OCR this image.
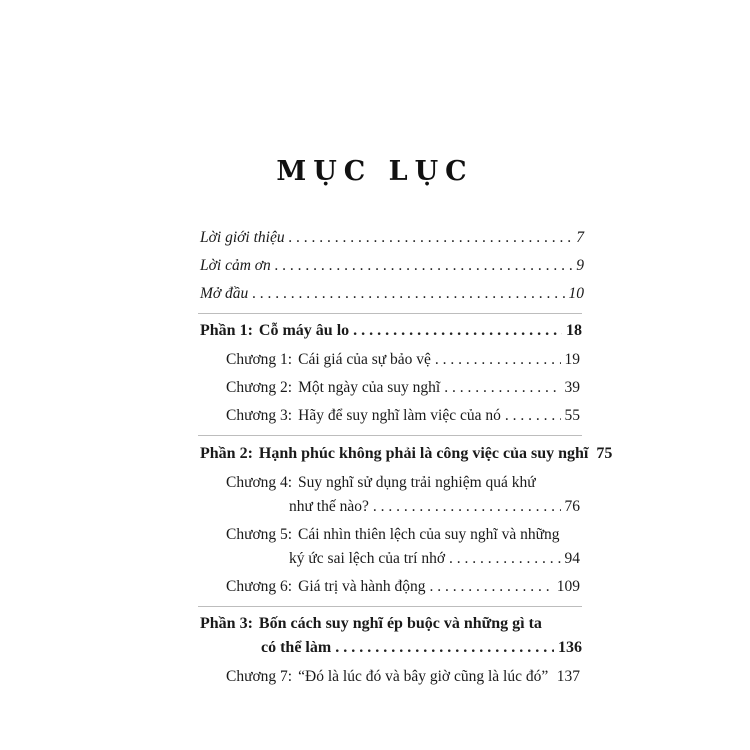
MỤC LỤC
Lời giới thiệu . . .	7
Lời cảm ơn . . .	9
Mở đầu . . .	10
Phần 1: Cỗ máy âu lo . . .	18
Chương 1: Cái giá của sự bảo vệ . . .	19
Chương 2: Một ngày của suy nghĩ . . .	39
Chương 3: Hãy để suy nghĩ làm việc của nó . . .	55
Phần 2: Hạnh phúc không phải là công việc của suy nghĩ 75
Chương 4: Suy nghĩ sử dụng trải nghiệm quá khứ
như thế nào? . . .	76
Chương 5: Cái nhìn thiên lệch của suy nghĩ và những
ký ức sai lệch của trí nhớ . . .	94
Chương 6: Giá trị và hành động . . .	109
Phần 3: Bốn cách suy nghĩ ép buộc và những gì ta
có thể làm . . .	136
Chương 7: “Đó là lúc đó và bây giờ cũng là lúc đó” . . . 137
